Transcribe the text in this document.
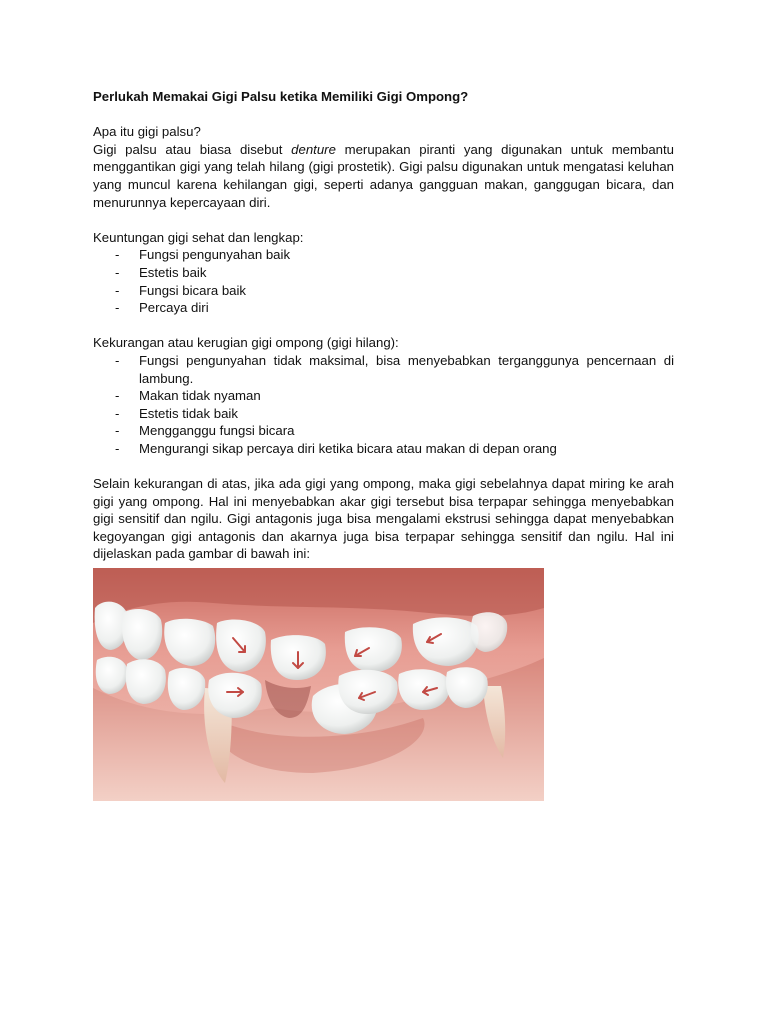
Perlukah Memakai Gigi Palsu ketika Memiliki Gigi Ompong?

Apa itu gigi palsu?

Gigi palsu atau biasa disebut denture merupakan piranti yang digunakan untuk membantu menggantikan gigi yang telah hilang (gigi prostetik). Gigi palsu digunakan untuk mengatasi keluhan yang muncul karena kehilangan gigi, seperti adanya gangguan makan, ganggugan bicara, dan menurunnya kepercayaan diri.

Keuntungan gigi sehat dan lengkap:

- Fungsi pengunyahan baik
- Estetis baik
- Fungsi bicara baik
- Percaya diri

Kekurangan atau kerugian gigi ompong (gigi hilang):

- Fungsi pengunyahan tidak maksimal, bisa menyebabkan terganggunya pencernaan di lambung.
- Makan tidak nyaman
- Estetis tidak baik
- Mengganggu fungsi bicara
- Mengurangi sikap percaya diri ketika bicara atau makan di depan orang

Selain kekurangan di atas, jika ada gigi yang ompong, maka gigi sebelahnya dapat miring ke arah gigi yang ompong. Hal ini menyebabkan akar gigi tersebut bisa terpapar sehingga menyebabkan gigi sensitif dan ngilu. Gigi antagonis juga bisa mengalami ekstrusi sehingga dapat menyebabkan kegoyangan gigi antagonis dan akarnya juga bisa terpapar sehingga sensitif dan ngilu. Hal ini dijelaskan pada gambar di bawah ini:
